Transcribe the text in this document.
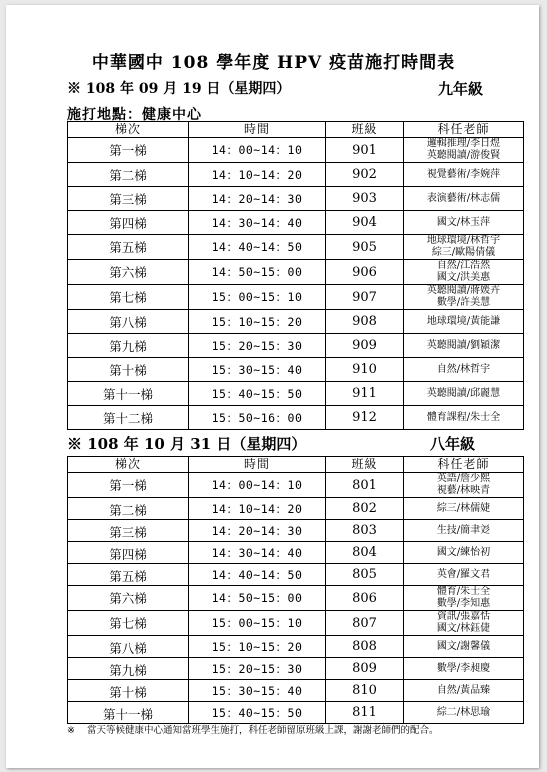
中華國中 108 學年度 HPV 疫苗施打時間表
※ 108 年 09 月 19 日（星期四）	九年級
施打地點：健康中心
梯次	時間	班級	科任老師
第一梯	14：00~14：10	901	邏輯推理/李日煜
英聽閱讀/游俊賢

第二梯	14：10~14：20	902	視覺藝術/李婉萍

第三梯	14：20~14：30	903	表演藝術/林志儒

第四梯	14：30~14：40	904	國文/林玉萍

第五梯	14：40~14：50	905	地球環境/林哲宇
綜三/歐陽倩儀

第六梯	14：50~15：00	906	自然/江浩然
國文/洪美惠

第七梯	15：00~15：10	907	英聽閱讀/蔣媛卉
數學/許美慧

第八梯	15：10~15：20	908	地球環境/黃能謙

第九梯	15：20~15：30	909	英聽閱讀/劉穎潔

第十梯	15：30~15：40	910	自然/林哲宇

第十一梯	15：40~15：50	911	英聽閱讀/邱麗慧

第十二梯	15：50~16：00	912	體育課程/朱士全
※ 108 年 10 月 31 日（星期四）	八年級
梯次	時間	班級	科任老師
第一梯	14：00~14：10	801	英語/詹少熙
視藝/林映青

第二梯	14：10~14：20	802	綜三/林儒婕

第三梯	14：20~14：30	803	生技/簡聿彣

第四梯	14：30~14：40	804	國文/練怡初

第五梯	14：40~14：50	805	英會/羅文君

第六梯	14：50~15：00	806	體育/朱士全
數學/李知惠

第七梯	15：00~15：10	807	資訊/張嘉恬
國文/林鈺倢

第八梯	15：10~15：20	808	國文/謝馨儀

第九梯	15：20~15：30	809	數學/李昶慶

第十梯	15：30~15：40	810	自然/黃品臻

第十一梯	15：40~15：50	811	綜二/林思瑜
※ 當天等候健康中心通知當班學生施打，科任老師留原班級上課，謝謝老師們的配合。
